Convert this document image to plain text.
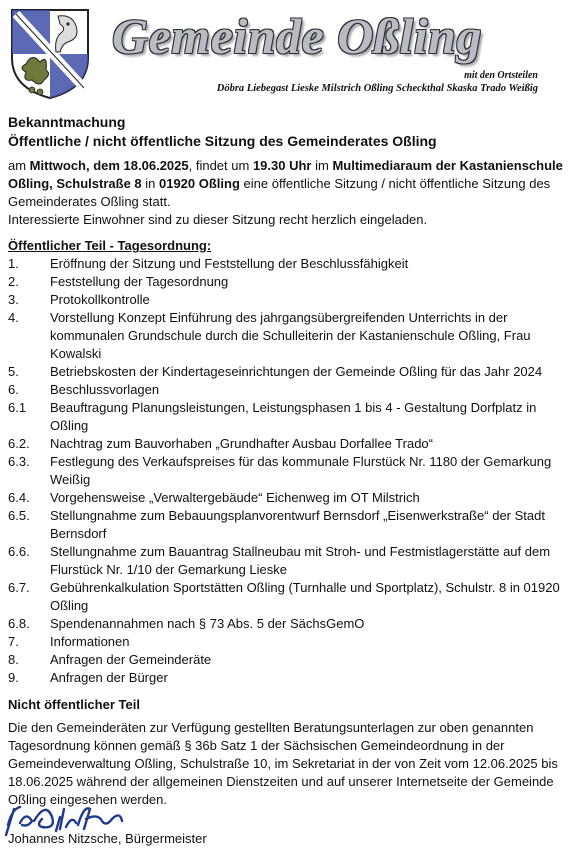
Gemeinde Oßling
mit den Ortsteilen
Döbra Liebegast Lieske Milstrich Oßling Scheckthal Skaska Trado Weißig
Bekanntmachung
Öffentliche / nicht öffentliche Sitzung des Gemeinderates Oßling
am Mittwoch, dem 18.06.2025, findet um 19.30 Uhr im Multimediaraum der Kastanienschule Oßling, Schulstraße 8 in 01920 Oßling eine öffentliche Sitzung / nicht öffentliche Sitzung des Gemeinderates Oßling statt.
Interessierte Einwohner sind zu dieser Sitzung recht herzlich eingeladen.
Öffentlicher Teil - Tagesordnung:
1.	Eröffnung der Sitzung und Feststellung der Beschlussfähigkeit
2.	Feststellung der Tagesordnung
3.	Protokollkontrolle
4.	Vorstellung Konzept Einführung des jahrgangsübergreifenden Unterrichts in der kommunalen Grundschule durch die Schulleiterin der Kastanienschule Oßling, Frau Kowalski
5.	Betriebskosten der Kindertageseinrichtungen der Gemeinde Oßling für das Jahr 2024
6.	Beschlussvorlagen
6.1	Beauftragung Planungsleistungen, Leistungsphasen 1 bis 4 - Gestaltung Dorfplatz in Oßling
6.2.	Nachtrag zum Bauvorhaben „Grundhafter Ausbau Dorfallee Trado“
6.3.	Festlegung des Verkaufspreises für das kommunale Flurstück Nr. 1180 der Gemarkung Weißig
6.4.	Vorgehensweise „Verwaltergebäude“ Eichenweg im OT Milstrich
6.5.	Stellungnahme zum Bebauungsplanvorentwurf Bernsdorf „Eisenwerkstraße“ der Stadt Bernsdorf
6.6.	Stellungnahme zum Bauantrag Stallneubau mit Stroh- und Festmistlagerstätte auf dem Flurstück Nr. 1/10 der Gemarkung Lieske
6.7.	Gebührenkalkulation Sportstätten Oßling (Turnhalle und Sportplatz), Schulstr. 8 in 01920 Oßling
6.8.	Spendenannahmen nach § 73 Abs. 5 der SächsGemO
7.	Informationen
8.	Anfragen der Gemeinderäte
9.	Anfragen der Bürger
Nicht öffentlicher Teil
Die den Gemeinderäten zur Verfügung gestellten Beratungsunterlagen zur oben genannten Tagesordnung können gemäß § 36b Satz 1 der Sächsischen Gemeindeordnung in der Gemeindeverwaltung Oßling, Schulstraße 10, im Sekretariat in der von Zeit vom 12.06.2025 bis 18.06.2025 während der allgemeinen Dienstzeiten und auf unserer Internetseite der Gemeinde Oßling eingesehen werden.
Johannes Nitzsche, Bürgermeister
